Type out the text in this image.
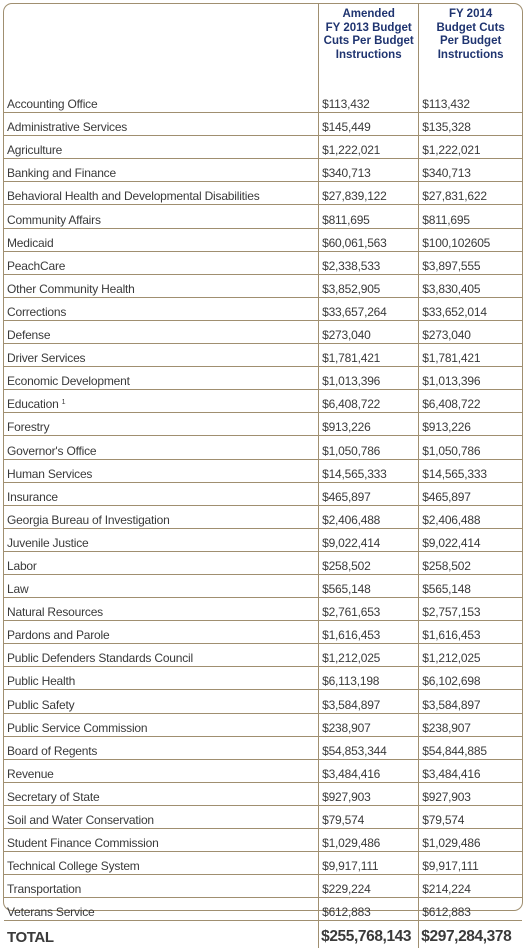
	Amended
FY 2013 Budget
Cuts Per Budget
Instructions	FY 2014
Budget Cuts
Per Budget
Instructions

Accounting Office	$113,432	$113,432
Administrative Services	$145,449	$135,328
Agriculture	$1,222,021	$1,222,021
Banking and Finance	$340,713	$340,713
Behavioral Health and Developmental Disabilities	$27,839,122	$27,831,622
Community Affairs	$811,695	$811,695
Medicaid	$60,061,563	$100,102605
PeachCare	$2,338,533	$3,897,555
Other Community Health	$3,852,905	$3,830,405
Corrections	$33,657,264	$33,652,014
Defense	$273,040	$273,040
Driver Services	$1,781,421	$1,781,421
Economic Development	$1,013,396	$1,013,396
Education $^1$	$6,408,722	$6,408,722
Forestry	$913,226	$913,226
Governor's Office	$1,050,786	$1,050,786
Human Services	$14,565,333	$14,565,333
Insurance	$465,897	$465,897
Georgia Bureau of Investigation	$2,406,488	$2,406,488
Juvenile Justice	$9,022,414	$9,022,414
Labor	$258,502	$258,502
Law	$565,148	$565,148
Natural Resources	$2,761,653	$2,757,153
Pardons and Parole	$1,616,453	$1,616,453
Public Defenders Standards Council	$1,212,025	$1,212,025
Public Health	$6,113,198	$6,102,698
Public Safety	$3,584,897	$3,584,897
Public Service Commission	$238,907	$238,907
Board of Regents	$54,853,344	$54,844,885
Revenue	$3,484,416	$3,484,416
Secretary of State	$927,903	$927,903
Soil and Water Conservation	$79,574	$79,574
Student Finance Commission	$1,029,486	$1,029,486
Technical College System	$9,917,111	$9,917,111
Transportation	$229,224	$214,224
Veterans Service	$612,883	$612,883
TOTAL	$255,768,143	$297,284,378
